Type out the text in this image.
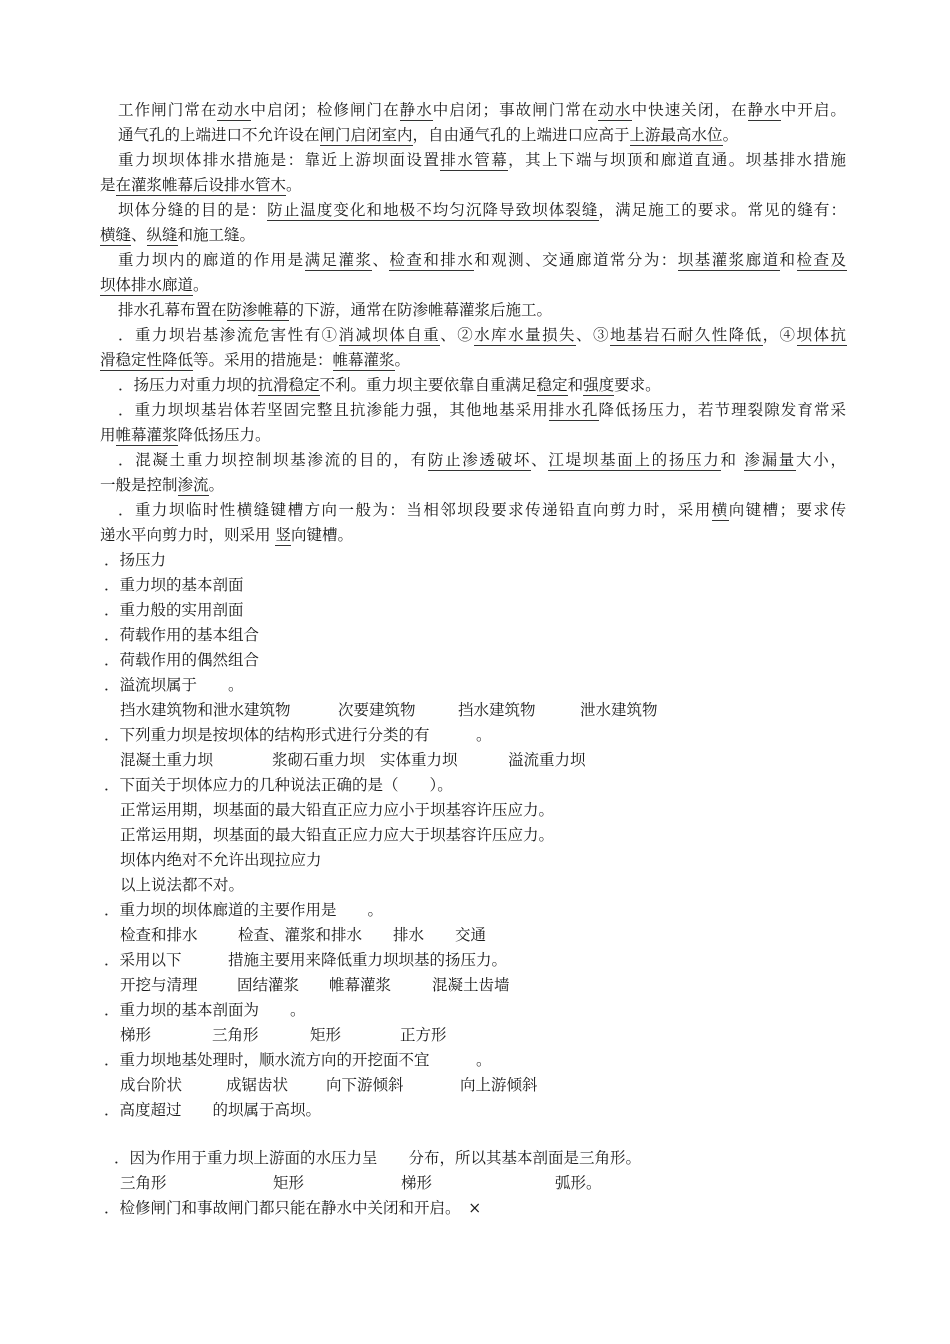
工作闸门常在动水中启闭；检修闸门在静水中启闭；事故闸门常在动水中快速关闭，在静水中开启。
通气孔的上端进口不允许设在闸门启闭室内，自由通气孔的上端进口应高于上游最高水位。
重力坝坝体排水措施是：靠近上游坝面设置排水管幕，其上下端与坝顶和廊道直通。坝基排水措施
是在灌浆帷幕后设排水管木。
坝体分缝的目的是：防止温度变化和地极不均匀沉降导致坝体裂缝，满足施工的要求。常见的缝有：
横缝、纵缝和施工缝。
重力坝内的廊道的作用是满足灌浆、检查和排水和观测、交通廊道常分为：坝基灌浆廊道和检查及
坝体排水廊道。
排水孔幕布置在防渗帷幕的下游，通常在防渗帷幕灌浆后施工。
．重力坝岩基渗流危害性有①消减坝体自重、②水库水量损失、③地基岩石耐久性降低，④坝体抗
滑稳定性降低等。采用的措施是：帷幕灌浆。
．扬压力对重力坝的抗滑稳定不利。重力坝主要依靠自重满足稳定和强度要求。
．重力坝坝基岩体若坚固完整且抗渗能力强，其他地基采用排水孔降低扬压力，若节理裂隙发育常采
用帷幕灌浆降低扬压力。
．混凝土重力坝控制坝基渗流的目的，有防止渗透破坏、江堤坝基面上的扬压力和 渗漏量大小，
一般是控制渗流。
．重力坝临时性横缝键槽方向一般为：当相邻坝段要求传递铅直向剪力时，采用横向键槽；要求传
递水平向剪力时，则采用 竖向键槽。
．扬压力
．重力坝的基本剖面
．重力般的实用剖面
．荷载作用的基本组合
．荷载作用的偶然组合
．溢流坝属于　　。
挡水建筑物和泄水建筑物	次要建筑物	挡水建筑物	泄水建筑物
．下列重力坝是按坝体的结构形式进行分类的有　　　。
混凝土重力坝	浆砌石重力坝 实体重力坝	溢流重力坝
．下面关于坝体应力的几种说法正确的是（　　）。
正常运用期，坝基面的最大铅直正应力应小于坝基容许压应力。
正常运用期，坝基面的最大铅直正应力应大于坝基容许压应力。
坝体内绝对不允许出现拉应力
以上说法都不对。
．重力坝的坝体廊道的主要作用是　　。
检查和排水	检查、灌浆和排水 排水 交通
．采用以下　　　措施主要用来降低重力坝坝基的扬压力。
开挖与清理	固结灌浆 帷幕灌浆	混凝土齿墙
．重力坝的基本剖面为　　。
梯形	三角形	矩形	正方形
．重力坝地基处理时，顺水流方向的开挖面不宜　　　。
成台阶状	成锯齿状 向下游倾斜	向上游倾斜
．高度超过　　的坝属于高坝。
．因为作用于重力坝上游面的水压力呈　　分布，所以其基本剖面是三角形。
三角形	矩形	梯形	弧形。
．检修闸门和事故闸门都只能在静水中关闭和开启。　×
